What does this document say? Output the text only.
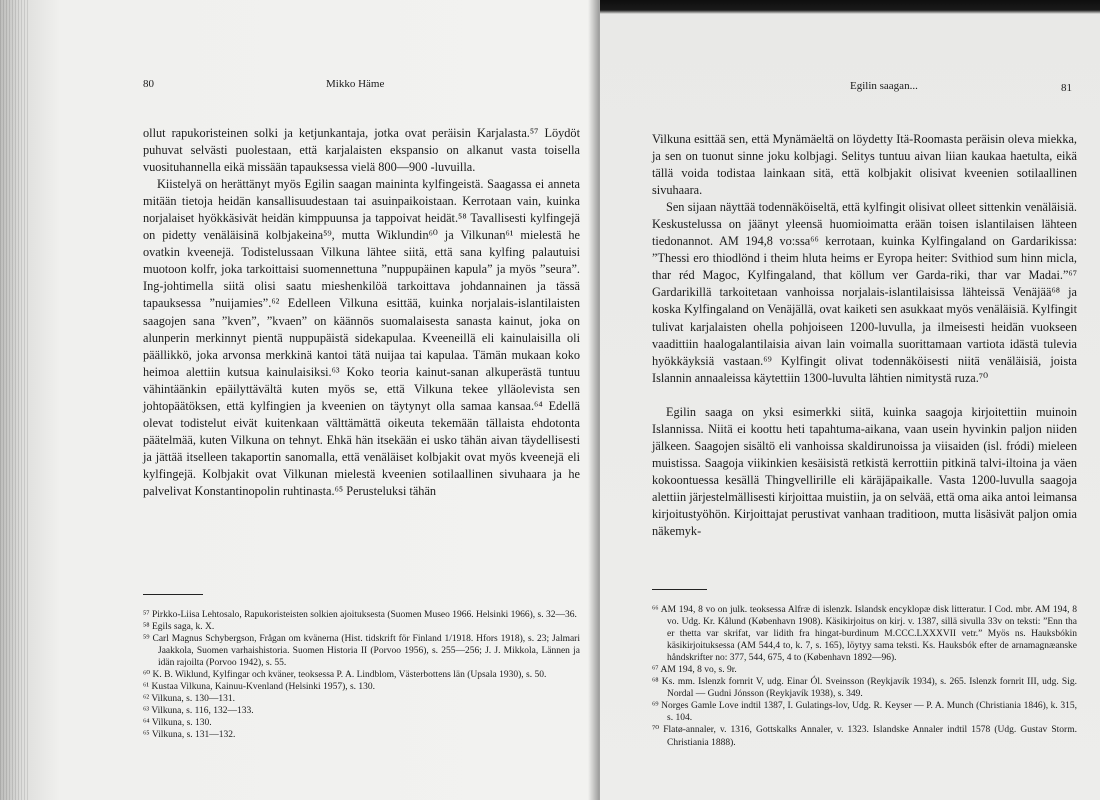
80	Mikko Häme

ollut rapukoristeinen solki ja ketjunkantaja, jotka ovat peräisin Karjalasta.⁵⁷ Löydöt puhuvat selvästi puolestaan, että karjalaisten ekspansio on alkanut vasta toisella vuosituhannella eikä missään tapauksessa vielä 800—900 -luvuilla.

Kiistelyä on herättänyt myös Egilin saagan maininta kylfingeistä. Saagassa ei anneta mitään tietoja heidän kansallisuudestaan tai asuinpaikoistaan. Kerrotaan vain, kuinka norjalaiset hyökkäsivät heidän kimppuunsa ja tappoivat heidät.⁵⁸ Tavallisesti kylfingejä on pidetty venäläisinä kolbjakeina⁵⁹, mutta Wiklundin⁶⁰ ja Vilkunan⁶¹ mielestä he ovatkin kveenejä. Todistelussaan Vilkuna lähtee siitä, että sana kylfing palautuisi muotoon kolfr, joka tarkoittaisi suomennettuna ”nuppupäinen kapula” ja myös ”seura”. Ing-johtimella siitä olisi saatu mieshenkilöä tarkoittava johdannainen ja tässä tapauksessa ”nuijamies”.⁶² Edelleen Vilkuna esittää, kuinka norjalais-islantilaisten saagojen sana ”kven”, ”kvaen” on käännös suomalaisesta sanasta kainut, joka on alunperin merkinnyt pientä nuppupäistä sidekapulaa. Kveeneillä eli kainulaisilla oli päällikkö, joka arvonsa merkkinä kantoi tätä nuijaa tai kapulaa. Tämän mukaan koko heimoa alettiin kutsua kainulaisiksi.⁶³ Koko teoria kainut-sanan alkuperästä tuntuu vähintäänkin epäilyttävältä kuten myös se, että Vilkuna tekee ylläolevista sen johtopäätöksen, että kylfingien ja kveenien on täytynyt olla samaa kansaa.⁶⁴ Edellä olevat todistelut eivät kuitenkaan välttämättä oikeuta tekemään tällaista ehdotonta päätelmää, kuten Vilkuna on tehnyt. Ehkä hän itsekään ei usko tähän aivan täydellisesti ja jättää itselleen takaportin sanomalla, että venäläiset kolbjakit ovat myös kveenejä eli kylfingejä. Kolbjakit ovat Vilkunan mielestä kveenien sotilaallinen sivuhaara ja he palvelivat Konstantinopolin ruhtinasta.⁶⁵ Perusteluksi tähän

⁵⁷ Pirkko-Liisa Lehtosalo, Rapukoristeisten solkien ajoituksesta (Suomen Museo 1966. Helsinki 1966), s. 32—36.

⁵⁸ Egils saga, k. X.

⁵⁹ Carl Magnus Schybergson, Frågan om kvänerna (Hist. tidskrift för Finland 1/1918. Hfors 1918), s. 23; Jalmari Jaakkola, Suomen varhaishistoria. Suomen Historia II (Porvoo 1956), s. 255—256; J. J. Mikkola, Lännen ja idän rajoilta (Porvoo 1942), s. 55.

⁶⁰ K. B. Wiklund, Kylfingar och kväner, teoksessa P. A. Lindblom, Västerbottens län (Upsala 1930), s. 50.

⁶¹ Kustaa Vilkuna, Kainuu-Kvenland (Helsinki 1957), s. 130.

⁶² Vilkuna, s. 130—131.

⁶³ Vilkuna, s. 116, 132—133.

⁶⁴ Vilkuna, s. 130.

⁶⁵ Vilkuna, s. 131—132.

Egilin saagan...	81

Vilkuna esittää sen, että Mynämäeltä on löydetty Itä-Roomasta peräisin oleva miekka, ja sen on tuonut sinne joku kolbjagi. Selitys tuntuu aivan liian kaukaa haetulta, eikä tällä voida todistaa lainkaan sitä, että kolbjakit olisivat kveenien sotilaallinen sivuhaara.

Sen sijaan näyttää todennäköiseltä, että kylfingit olisivat olleet sittenkin venäläisiä. Keskustelussa on jäänyt yleensä huomioimatta erään toisen islantilaisen lähteen tiedonannot. AM 194,8 vo:ssa⁶⁶ kerrotaan, kuinka Kylfingaland on Gardarikissa: ”Thessi ero thiodlönd i theim hluta heims er Eyropa heiter: Svithiod sum hinn micla, thar réd Magoc, Kylfingaland, that köllum ver Garda-riki, thar var Madai.”⁶⁷ Gardarikillä tarkoitetaan vanhoissa norjalais-islantilaisissa lähteissä Venäjää⁶⁸ ja koska Kylfingaland on Venäjällä, ovat kaiketi sen asukkaat myös venäläisiä. Kylfingit tulivat karjalaisten ohella pohjoiseen 1200-luvulla, ja ilmeisesti heidän vuokseen vaadittiin haalogalantilaisia aivan lain voimalla suorittamaan vartiota idästä tulevia hyökkäyksiä vastaan.⁶⁹ Kylfingit olivat todennäköisesti niitä venäläisiä, joista Islannin annaaleissa käytettiin 1300-luvulta lähtien nimitystä ruza.⁷⁰

Egilin saaga on yksi esimerkki siitä, kuinka saagoja kirjoitettiin muinoin Islannissa. Niitä ei koottu heti tapahtuma-aikana, vaan usein hyvinkin paljon niiden jälkeen. Saagojen sisältö eli vanhoissa skaldirunoissa ja viisaiden (isl. fródi) mieleen muistissa. Saagoja viikinkien kesäisistä retkistä kerrottiin pitkinä talvi-iltoina ja väen kokoontuessa kesällä Thingvellirille eli käräjäpaikalle. Vasta 1200-luvulla saagoja alettiin järjestelmällisesti kirjoittaa muistiin, ja on selvää, että oma aika antoi leimansa kirjoitustyöhön. Kirjoittajat perustivat vanhaan traditioon, mutta lisäsivät paljon omia näkemyk-

⁶⁶ AM 194, 8 vo on julk. teoksessa Alfræ di islenzk. Islandsk encyklopæ disk litteratur. I Cod. mbr. AM 194, 8 vo. Udg. Kr. Kålund (København 1908). Käsikirjoitus on kirj. v. 1387, sillä sivulla 33v on teksti: ”Enn tha er thetta var skrifat, var lidith fra hingat-burdinum M.CCC.LXXXVII vetr.” Myös ns. Hauksbókin käsikirjoituksessa (AM 544,4 to, k. 7, s. 165), löytyy sama teksti. Ks. Hauksbók efter de arnamagnæanske håndskrifter no: 377, 544, 675, 4 to (København 1892—96).

⁶⁷ AM 194, 8 vo, s. 9r.

⁶⁸ Ks. mm. Islenzk fornrit V, udg. Einar Ól. Sveinsson (Reykjavík 1934), s. 265. Islenzk fornrit III, udg. Sig. Nordal — Gudni Jónsson (Reykjavík 1938), s. 349.

⁶⁹ Norges Gamle Love indtil 1387, I. Gulatings-lov, Udg. R. Keyser — P. A. Munch (Christiania 1846), k. 315, s. 104.

⁷⁰ Flatø-annaler, v. 1316, Gottskalks Annaler, v. 1323. Islandske Annaler indtil 1578 (Udg. Gustav Storm. Christiania 1888).
